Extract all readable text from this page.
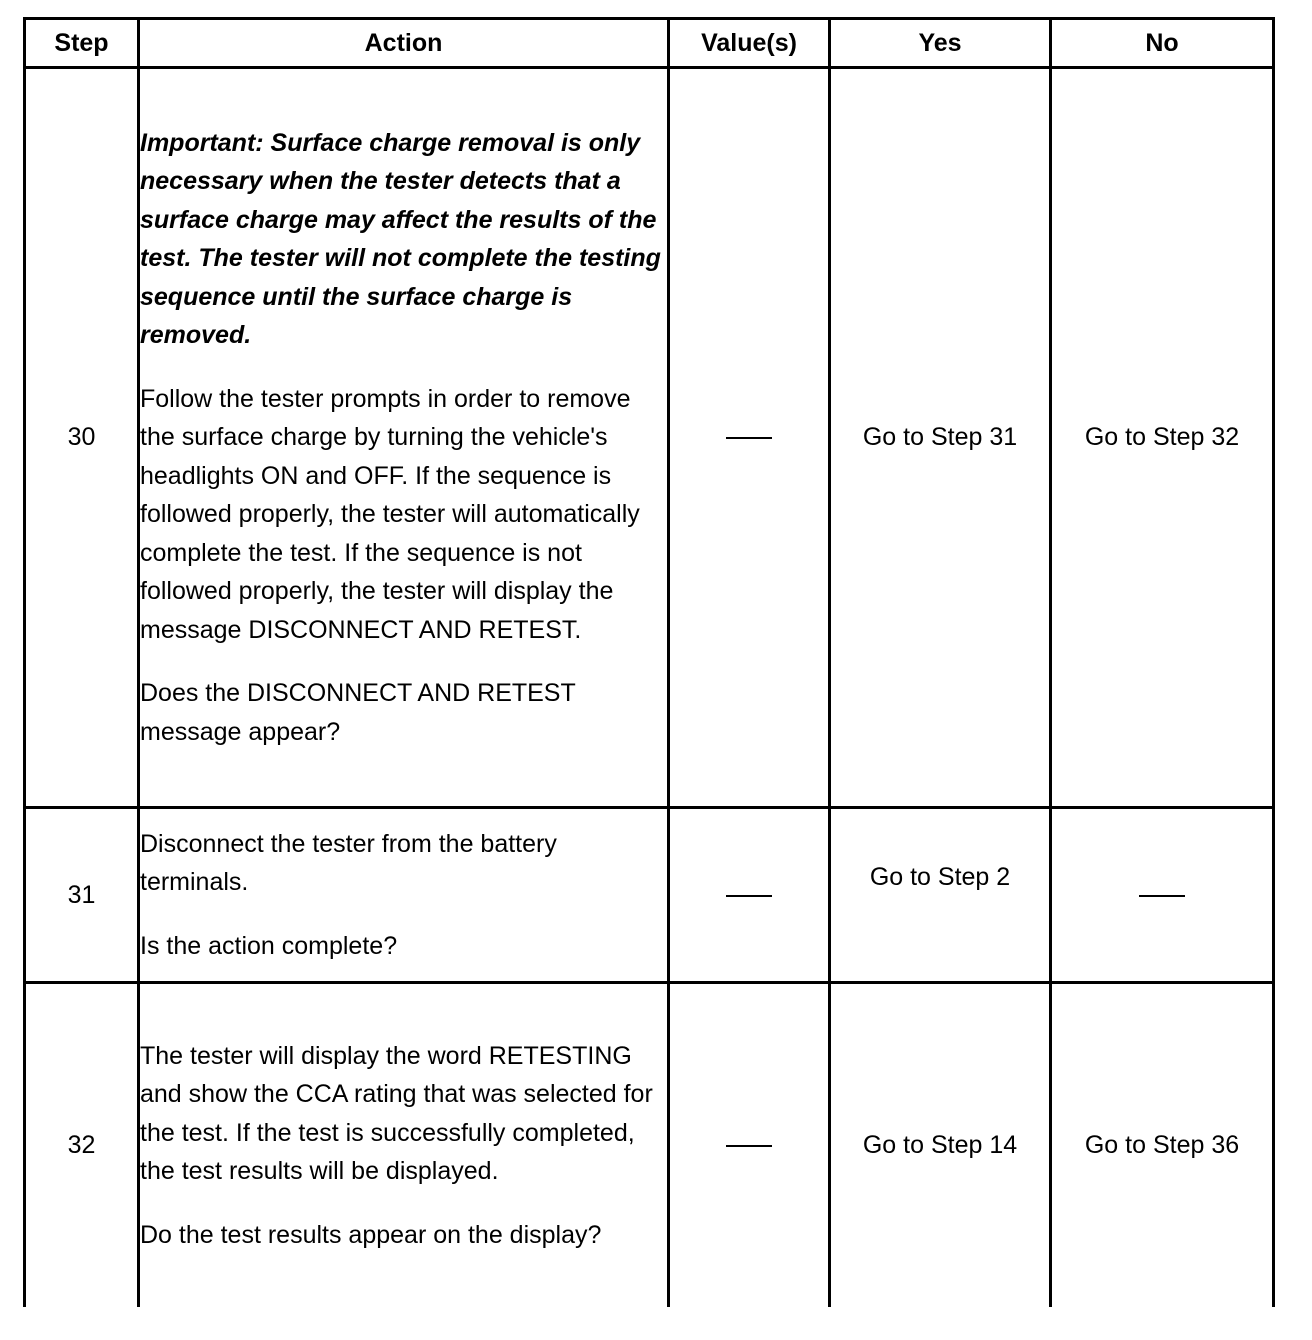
Step	Action	Value(s)	Yes	No
30	Important: Surface charge removal is only necessary when the tester detects that a surface charge may affect the results of the test. The tester will not complete the testing sequence until the surface charge is removed.

Follow the tester prompts in order to remove the surface charge by turning the vehicle's headlights ON and OFF. If the sequence is followed properly, the tester will automatically complete the test. If the sequence is not followed properly, the tester will display the message DISCONNECT AND RETEST.

Does the DISCONNECT AND RETEST message appear?		Go to Step 31	Go to Step 32
31	Disconnect the tester from the battery terminals.

Is the action complete?		Go to Step 2	
32	The tester will display the word RETESTING and show the CCA rating that was selected for the test. If the test is successfully completed, the test results will be displayed.

Do the test results appear on the display?		Go to Step 14	Go to Step 36
